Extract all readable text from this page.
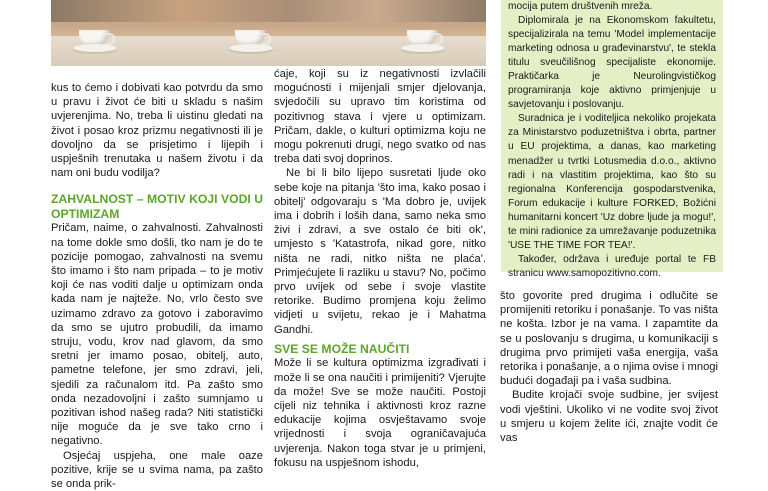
mocija putem društvenih mreža.

Diplomirala je na Ekonomskom fakultetu, specijalizirala na temu 'Model implementacije marketing odnosa u građevinarstvu', te stekla titulu sveučilišnog specijaliste ekonomije. Praktičarka je Neurolingvističkog programiranja koje aktivno primjenjuje u savjetovanju i poslovanju.

Suradnica je i voditeljica nekoliko projekata za Ministarstvo poduzetništva i obrta, partner u EU projektima, a danas, kao marketing menadžer u tvrtki Lotusmedia d.o.o., aktivno radi i na vlastitim projektima, kao što su regionalna Konferencija gospodarstvenika, Forum edukacije i kulture FORKED, Božićni humanitarni koncert 'Uz dobre ljude ja mogu!', te mini radionice za umrežavanje poduzetnika 'USE THE TIME FOR TEA!'.

Također, održava i uređuje portal te FB stranicu www.samopozitivno.com.

kus to ćemo i dobivati kao potvrdu da smo u pravu i život će biti u skladu s našim uvjerenjima. No, treba li uistinu gledati na život i posao kroz prizmu negativnosti ili je dovoljno da se prisjetimo i lijepih i uspješnih trenutaka u našem životu i da nam oni budu vodilja?

ZAHVALNOST – MOTIV KOJI VODI U OPTIMIZAM

Pričam, naime, o zahvalnosti. Zahvalnosti na tome dokle smo došli, tko nam je do te pozicije pomogao, zahvalnosti na svemu što imamo i što nam pripada – to je motiv koji će nas voditi dalje u optimizam onda kada nam je najteže. No, vrlo često sve uzimamo zdravo za gotovo i zaboravimo da smo se ujutro probudili, da imamo struju, vodu, krov nad glavom, da smo sretni jer imamo posao, obitelj, auto, pametne telefone, jer smo zdravi, jeli, sjedili za računalom itd. Pa zašto smo onda nezadovoljni i zašto sumnjamo u pozitivan ishod našeg rada? Niti statistički nije moguće da je sve tako crno i negativno.

Osjećaj uspjeha, one male oaze pozitive, krije se u svima nama, pa zašto se onda prik-

ćaje, koji su iz negativnosti izvlačili mogućnosti i mijenjali smjer djelovanja, svjedočili su upravo tim koristima od pozitivnog stava i vjere u optimizam. Pričam, dakle, o kulturi optimizma koju ne mogu pokrenuti drugi, nego svatko od nas treba dati svoj doprinos.

Ne bi li bilo lijepo susretati ljude oko sebe koje na pitanja 'što ima, kako posao i obitelj' odgovaraju s 'Ma dobro je, uvijek ima i dobrih i loših dana, samo neka smo živi i zdravi, a sve ostalo će biti ok', umjesto s 'Katastrofa, nikad gore, nitko ništa ne radi, nitko ništa ne plaća'. Primjećujete li razliku u stavu? No, počimo prvo uvijek od sebe i svoje vlastite retorike. Budimo promjena koju želimo vidjeti u svijetu, rekao je i Mahatma Gandhi.

SVE SE MOŽE NAUČITI

Može li se kultura optimizma izgrađivati i može li se ona naučiti i primijeniti? Vjerujte da može! Sve se može naučiti. Postoji cijeli niz tehnika i aktivnosti kroz razne edukacije kojima osvještavamo svoje vrijednosti i svoja ograničavajuća uvjerenja. Nakon toga stvar je u primjeni, fokusu na uspješnom ishodu,

što govorite pred drugima i odlučite se promijeniti retoriku i ponašanje. To vas ništa ne košta. Izbor je na vama. I zapamtite da se u poslovanju s drugima, u komunikaciji s drugima prvo primijeti vaša energija, vaša retorika i ponašanje, a o njima ovise i mnogi budući događaji pa i vaša sudbina.

Budite krojači svoje sudbine, jer svijest vodi vještini. Ukoliko vi ne vodite svoj život u smjeru u kojem želite ići, znajte vodit će vas
